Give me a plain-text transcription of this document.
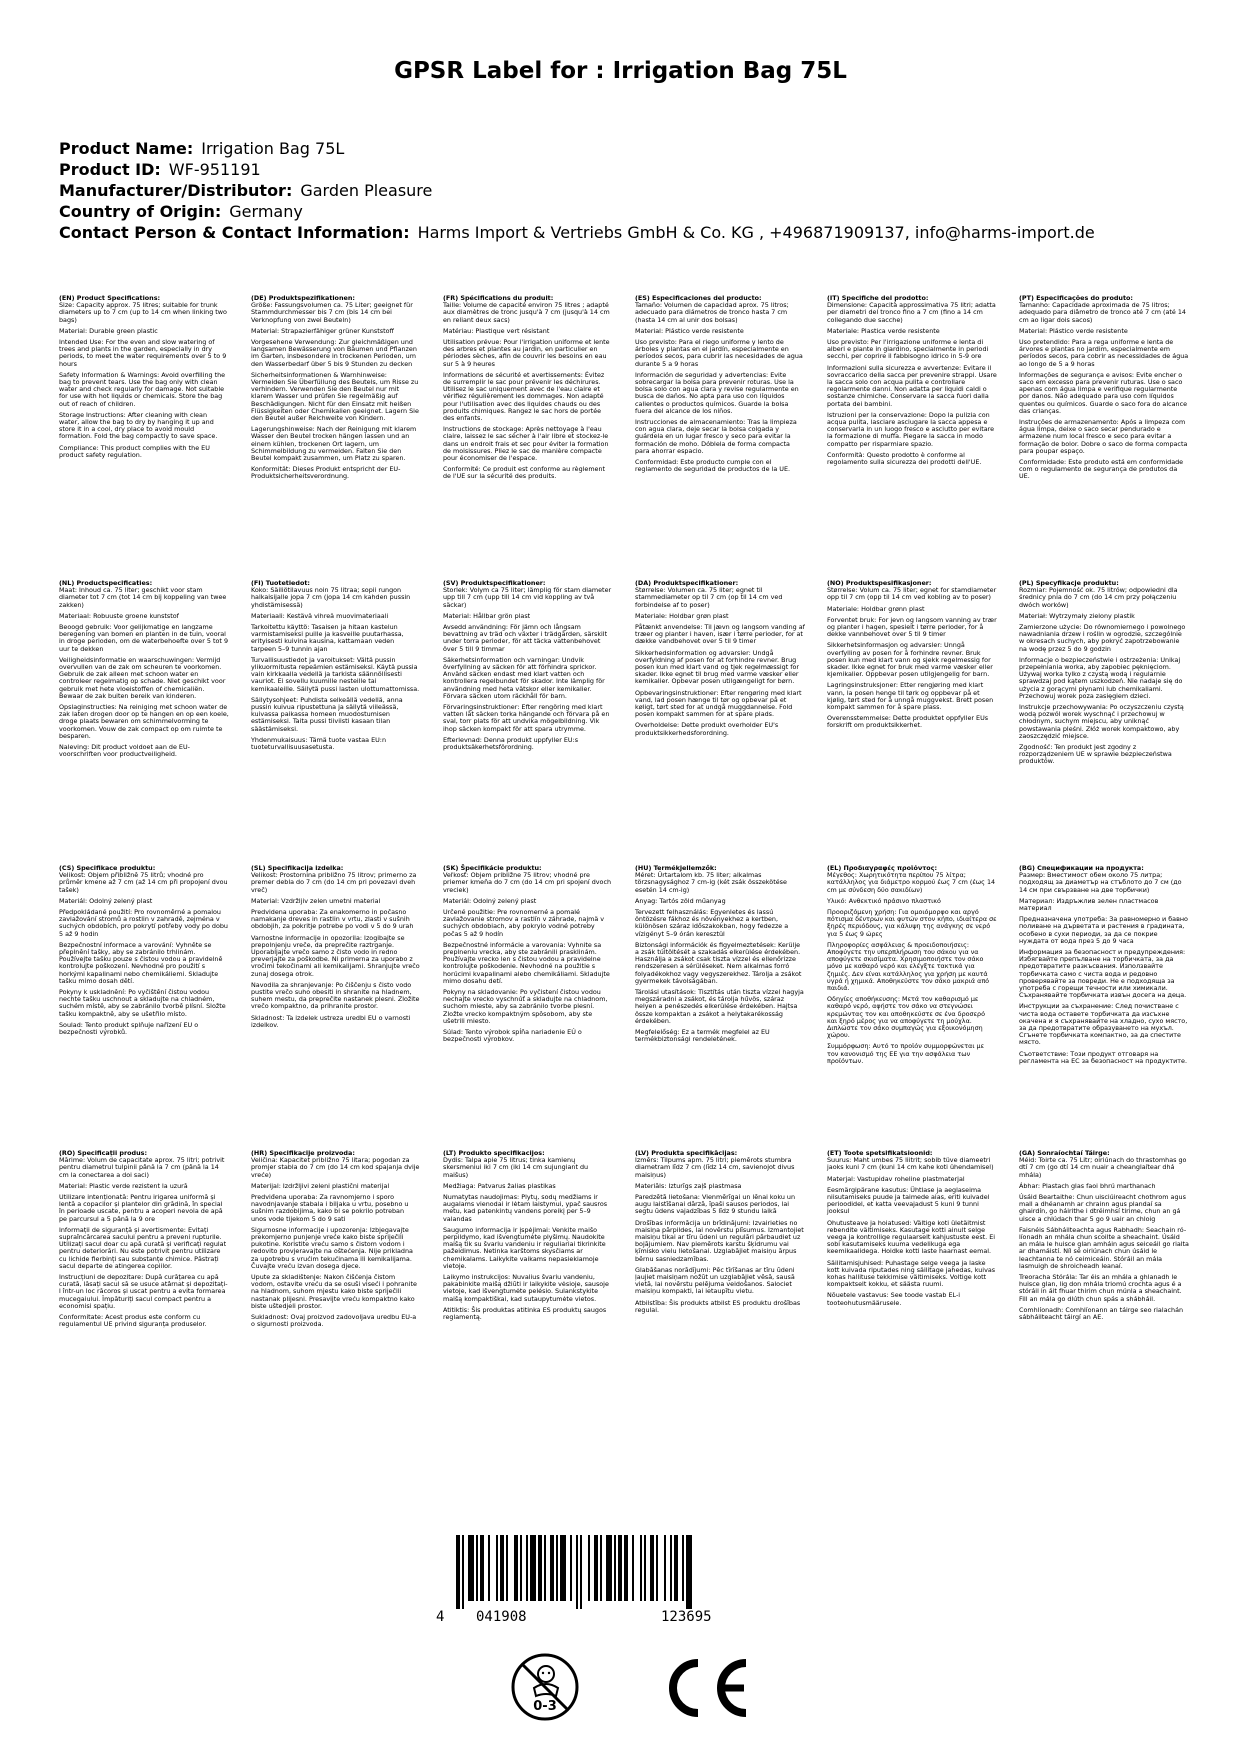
GPSR Label for : Irrigation Bag 75L
Product Name: Irrigation Bag 75L
Product ID: WF-951191
Manufacturer/Distributor: Garden Pleasure
Country of Origin: Germany
Contact Person & Contact Information: Harms Import & Vertriebs GmbH & Co. KG , +496871909137, info@harms-import.de

(EN) Product Specifications:
Size: Capacity approx. 75 litres; suitable for trunk diameters up to 7 cm (up to 14 cm when linking two bags)

Material: Durable green plastic

Intended Use: For the even and slow watering of trees and plants in the garden, especially in dry periods, to meet the water requirements over 5 to 9 hours

Safety Information & Warnings: Avoid overfilling the bag to prevent tears. Use the bag only with clean water and check regularly for damage. Not suitable for use with hot liquids or chemicals. Store the bag out of reach of children.

Storage Instructions: After cleaning with clean water, allow the bag to dry by hanging it up and store it in a cool, dry place to avoid mould formation. Fold the bag compactly to save space.

Compliance: This product complies with the EU product safety regulation.

(DE) Produktspezifikationen:
Größe: Fassungsvolumen ca. 75 Liter; geeignet für Stammdurchmesser bis 7 cm (bis 14 cm bei Verknopfung von zwei Beuteln)

Material: Strapazierfähiger grüner Kunststoff

Vorgesehene Verwendung: Zur gleichmäßigen und langsamen Bewässerung von Bäumen und Pflanzen im Garten, insbesondere in trockenen Perioden, um den Wasserbedarf über 5 bis 9 Stunden zu decken

Sicherheitsinformationen & Warnhinweise: Vermeiden Sie Überfüllung des Beutels, um Risse zu verhindern. Verwenden Sie den Beutel nur mit klarem Wasser und prüfen Sie regelmäßig auf Beschädigungen. Nicht für den Einsatz mit heißen Flüssigkeiten oder Chemikalien geeignet. Lagern Sie den Beutel außer Reichweite von Kindern.

Lagerungshinweise: Nach der Reinigung mit klarem Wasser den Beutel trocken hängen lassen und an einem kühlen, trockenen Ort lagern, um Schimmelbildung zu vermeiden. Falten Sie den Beutel kompakt zusammen, um Platz zu sparen.

Konformität: Dieses Produkt entspricht der EU-Produktsicherheitsverordnung.

(FR) Spécifications du produit:
Taille: Volume de capacité environ 75 litres ; adapté aux diamètres de tronc jusqu'à 7 cm (jusqu'à 14 cm en reliant deux sacs)

Matériau: Plastique vert résistant

Utilisation prévue: Pour l'irrigation uniforme et lente des arbres et plantes au jardin, en particulier en périodes sèches, afin de couvrir les besoins en eau sur 5 à 9 heures

Informations de sécurité et avertissements: Évitez de surremplir le sac pour prévenir les déchirures. Utilisez le sac uniquement avec de l'eau claire et vérifiez régulièrement les dommages. Non adapté pour l'utilisation avec des liquides chauds ou des produits chimiques. Rangez le sac hors de portée des enfants.

Instructions de stockage: Après nettoyage à l'eau claire, laissez le sac sécher à l'air libre et stockez-le dans un endroit frais et sec pour éviter la formation de moisissures. Pliez le sac de manière compacte pour économiser de l'espace.

Conformité: Ce produit est conforme au règlement de l'UE sur la sécurité des produits.

(ES) Especificaciones del producto:
Tamaño: Volumen de capacidad aprox. 75 litros; adecuado para diámetros de tronco hasta 7 cm (hasta 14 cm al unir dos bolsas)

Material: Plástico verde resistente

Uso previsto: Para el riego uniforme y lento de árboles y plantas en el jardín, especialmente en períodos secos, para cubrir las necesidades de agua durante 5 a 9 horas

Información de seguridad y advertencias: Evite sobrecargar la bolsa para prevenir roturas. Use la bolsa solo con agua clara y revise regularmente en busca de daños. No apta para uso con líquidos calientes o productos químicos. Guarde la bolsa fuera del alcance de los niños.

Instrucciones de almacenamiento: Tras la limpieza con agua clara, deje secar la bolsa colgada y guárdela en un lugar fresco y seco para evitar la formación de moho. Dóblela de forma compacta para ahorrar espacio.

Conformidad: Este producto cumple con el reglamento de seguridad de productos de la UE.

(IT) Specifiche del prodotto:
Dimensione: Capacità approssimativa 75 litri; adatta per diametri del tronco fino a 7 cm (fino a 14 cm collegando due sacche)

Materiale: Plastica verde resistente

Uso previsto: Per l'irrigazione uniforme e lenta di alberi e piante in giardino, specialmente in periodi secchi, per coprire il fabbisogno idrico in 5-9 ore

Informazioni sulla sicurezza e avvertenze: Evitare il sovraccarico della sacca per prevenire strappi. Usare la sacca solo con acqua pulita e controllare regolarmente danni. Non adatta per liquidi caldi o sostanze chimiche. Conservare la sacca fuori dalla portata dei bambini.

Istruzioni per la conservazione: Dopo la pulizia con acqua pulita, lasciare asciugare la sacca appesa e conservarla in un luogo fresco e asciutto per evitare la formazione di muffa. Piegare la sacca in modo compatto per risparmiare spazio.

Conformità: Questo prodotto è conforme al regolamento sulla sicurezza dei prodotti dell'UE.

(PT) Especificações do produto:
Tamanho: Capacidade aproximada de 75 litros; adequado para diâmetro de tronco até 7 cm (até 14 cm ao ligar dois sacos)

Material: Plástico verde resistente

Uso pretendido: Para a rega uniforme e lenta de árvores e plantas no jardim, especialmente em períodos secos, para cobrir as necessidades de água ao longo de 5 a 9 horas

Informações de segurança e avisos: Evite encher o saco em excesso para prevenir ruturas. Use o saco apenas com água limpa e verifique regularmente por danos. Não adequado para uso com líquidos quentes ou químicos. Guarde o saco fora do alcance das crianças.

Instruções de armazenamento: Após a limpeza com água limpa, deixe o saco secar pendurado e armazene num local fresco e seco para evitar a formação de bolor. Dobre o saco de forma compacta para poupar espaço.

Conformidade: Este produto está em conformidade com o regulamento de segurança de produtos da UE.

(NL) Productspecificaties:
Maat: Inhoud ca. 75 liter; geschikt voor stam diameter tot 7 cm (tot 14 cm bij koppeling van twee zakken)

Materiaal: Robuuste groene kunststof

Beoogd gebruik: Voor gelijkmatige en langzame beregening van bomen en planten in de tuin, vooral in droge perioden, om de waterbehoefte over 5 tot 9 uur te dekken

Veiligheidsinformatie en waarschuwingen: Vermijd overvullen van de zak om scheuren te voorkomen. Gebruik de zak alleen met schoon water en controleer regelmatig op schade. Niet geschikt voor gebruik met hete vloeistoffen of chemicaliën. Bewaar de zak buiten bereik van kinderen.

Opslaginstructies: Na reiniging met schoon water de zak laten drogen door op te hangen en op een koele, droge plaats bewaren om schimmelvorming te voorkomen. Vouw de zak compact op om ruimte te besparen.

Naleving: Dit product voldoet aan de EU-voorschriften voor productveiligheid.

(FI) Tuotetiedot:
Koko: Säiliötilavuus noin 75 litraa; sopii rungon halkaisijalle jopa 7 cm (jopa 14 cm kahden pussin yhdistämisessä)

Materiaali: Kestävä vihreä muovimateriaali

Tarkoitettu käyttö: Tasaisen ja hitaan kastelun varmistamiseksi puille ja kasveille puutarhassa, erityisesti kuivina kausina, kattamaan veden tarpeen 5–9 tunnin ajan

Turvallisuustiedot ja varoitukset: Vältä pussin ylikuormitusta repeämien estämiseksi. Käytä pussia vain kirkkaalla vedellä ja tarkista säännöllisesti vauriot. Ei sovellu kuumille nesteille tai kemikaaleille. Säilytä pussi lasten ulottumattomissa.

Säilytysohjeet: Puhdista selkeällä vedellä, anna pussin kuivua ripustettuna ja säilytä viileässä, kuivassa paikassa homeen muodostumisen estämiseksi. Taita pussi tiiviisti kasaan tilan säästämiseksi.

Yhdenmukaisuus: Tämä tuote vastaa EU:n tuoteturvallisuusasetusta.

(SV) Produktspecifikationer:
Storlek: Volym ca 75 liter; lämplig för stam diameter upp till 7 cm (upp till 14 cm vid koppling av två säckar)

Material: Hållbar grön plast

Avsedd användning: För jämn och långsam bevattning av träd och växter i trädgården, särskilt under torra perioder, för att täcka vattenbehovet över 5 till 9 timmar

Säkerhetsinformation och varningar: Undvik överfyllning av säcken för att förhindra sprickor. Använd säcken endast med klart vatten och kontrollera regelbundet för skador. Inte lämplig för användning med heta vätskor eller kemikalier. Förvara säcken utom räckhåll för barn.

Förvaringsinstruktioner: Efter rengöring med klart vatten låt säcken torka hängande och förvara på en sval, torr plats för att undvika mögelbildning. Vik ihop säcken kompakt för att spara utrymme.

Efterlevnad: Denna produkt uppfyller EU:s produktsäkerhetsförordning.

(DA) Produktspecifikationer:
Størrelse: Volumen ca. 75 liter; egnet til stammediameter op til 7 cm (op til 14 cm ved forbindelse af to poser)

Materiale: Holdbar grøn plast

Påtænkt anvendelse: Til jævn og langsom vanding af træer og planter i haven, især i tørre perioder, for at dække vandbehovet over 5 til 9 timer

Sikkerhedsinformation og advarsler: Undgå overfyldning af posen for at forhindre revner. Brug posen kun med klart vand og tjek regelmæssigt for skader. Ikke egnet til brug med varme væsker eller kemikalier. Opbevar posen utilgængeligt for børn.

Opbevaringsinstruktioner: Efter rengøring med klart vand, lad posen hænge til tør og opbevar på et køligt, tørt sted for at undgå muggdannelse. Fold posen kompakt sammen for at spare plads.

Overholdelse: Dette produkt overholder EU's produktsikkerhedsforordning.

(NO) Produktspesifikasjoner:
Størrelse: Volum ca. 75 liter; egnet for stamdiameter opp til 7 cm (opp til 14 cm ved kobling av to poser)

Materiale: Holdbar grønn plast

Forventet bruk: For jevn og langsom vanning av trær og planter i hagen, spesielt i tørre perioder, for å dekke vannbehovet over 5 til 9 timer

Sikkerhetsinformasjon og advarsler: Unngå overfylling av posen for å forhindre revner. Bruk posen kun med klart vann og sjekk regelmessig for skader. Ikke egnet for bruk med varme væsker eller kjemikalier. Oppbevar posen utilgjengelig for barn.

Lagringsinstruksjoner: Etter rengjøring med klart vann, la posen henge til tørk og oppbevar på et kjølig, tørt sted for å unngå muggvekst. Brett posen kompakt sammen for å spare plass.

Overensstemmelse: Dette produktet oppfyller EUs forskrift om produktsikkerhet.

(PL) Specyfikacje produktu:
Rozmiar: Pojemność ok. 75 litrów; odpowiedni dla średnicy pnia do 7 cm (do 14 cm przy połączeniu dwóch worków)

Materiał: Wytrzymały zielony plastik

Zamierzone użycie: Do równomiernego i powolnego nawadniania drzew i roślin w ogrodzie, szczególnie w okresach suchych, aby pokryć zapotrzebowanie na wodę przez 5 do 9 godzin

Informacje o bezpieczeństwie i ostrzeżenia: Unikaj przepełniania worka, aby zapobiec pęknięciom. Używaj worka tylko z czystą wodą i regularnie sprawdzaj pod kątem uszkodzeń. Nie nadaje się do użycia z gorącymi płynami lub chemikaliami. Przechowuj worek poza zasięgiem dzieci.

Instrukcje przechowywania: Po oczyszczeniu czystą wodą pozwól worek wyschnąć i przechowuj w chłodnym, suchym miejscu, aby uniknąć powstawania pleśni. Złóż worek kompaktowo, aby zaoszczędzić miejsce.

Zgodność: Ten produkt jest zgodny z rozporządzeniem UE w sprawie bezpieczeństwa produktów.

(CS) Specifikace produktu:
Velikost: Objem přibližně 75 litrů; vhodné pro průměr kmene až 7 cm (až 14 cm při propojení dvou tašek)

Materiál: Odolný zelený plast

Předpokládané použití: Pro rovnoměrné a pomalou zavlažování stromů a rostlin v zahradě, zejména v suchých obdobích, pro pokrytí potřeby vody po dobu 5 až 9 hodin

Bezpečnostní informace a varování: Vyhněte se přeplnění tašky, aby se zabránilo trhlinám. Používejte tašku pouze s čistou vodou a pravidelně kontrolujte poškození. Nevhodné pro použití s horkými kapalinami nebo chemikáliemi. Skladujte tašku mimo dosah dětí.

Pokyny k uskladnění: Po vyčištění čistou vodou nechte tašku uschnout a skladujte na chladném, suchém místě, aby se zabránilo tvorbě plísní. Složte tašku kompaktně, aby se ušetřilo místo.

Soulad: Tento produkt splňuje nařízení EU o bezpečnosti výrobků.

(SL) Specifikacija izdelka:
Velikost: Prostornina približno 75 litrov; primerno za premer debla do 7 cm (do 14 cm pri povezavi dveh vreč)

Material: Vzdržljiv zelen umetni material

Predvidena uporaba: Za enakomerno in počasno namakanje dreves in rastlin v vrtu, zlasti v sušnih obdobjih, za pokritje potrebe po vodi v 5 do 9 urah

Varnostne informacije in opozorila: Izogibajte se prepolnjenju vreče, da preprečite raztrganje. Uporabljajte vrečo samo z čisto vodo in redno preverjajte za poškodbe. Ni primerna za uporabo z vročimi tekočinami ali kemikalijami. Shranjujte vrečo zunaj dosega otrok.

Navodila za shranjevanje: Po čiščenju s čisto vodo pustite vrečo suho obesiti in shranite na hladnem, suhem mestu, da preprečite nastanek plesni. Zložite vrečo kompaktno, da prihranite prostor.

Skladnost: Ta izdelek ustreza uredbi EU o varnosti izdelkov.

(SK) Špecifikácie produktu:
Veľkosť: Objem približne 75 litrov; vhodné pre priemer kmeňa do 7 cm (do 14 cm pri spojení dvoch vreciek)

Materiál: Odolný zelený plast

Určené použitie: Pre rovnomerné a pomalé zavlažovanie stromov a rastlín v záhrade, najmä v suchých obdobiach, aby pokrylo vodné potreby počas 5 až 9 hodín

Bezpečnostné informácie a varovania: Vyhnite sa preplneniu vrecka, aby ste zabránili prasklinám. Používajte vrecko len s čistou vodou a pravidelne kontrolujte poškodenie. Nevhodné na použitie s horúcimi kvapalinami alebo chemikáliami. Skladujte mimo dosahu detí.

Pokyny na skladovanie: Po vyčistení čistou vodou nechajte vrecko vyschnúť a skladujte na chladnom, suchom mieste, aby sa zabránilo tvorbe plesní. Zložte vrecko kompaktným spôsobom, aby ste ušetrili miesto.

Súlad: Tento výrobok spĺňa nariadenie EÚ o bezpečnosti výrobkov.

(HU) Termékjellemzők:
Méret: Űrtartalom kb. 75 liter; alkalmas törzsnagysághoz 7 cm-ig (két zsák összekötése esetén 14 cm-ig)

Anyag: Tartós zöld műanyag

Tervezett felhasználás: Egyenletes és lassú öntözésre fákhoz és növényekhez a kertben, különösen száraz időszakokban, hogy fedezze a vízigényt 5–9 órán keresztül

Biztonsági információk és figyelmeztetések: Kerülje a zsák túltöltését a szakadás elkerülése érdekében. Használja a zsákot csak tiszta vízzel és ellenőrizze rendszeresen a sérüléseket. Nem alkalmas forró folyadékokhoz vagy vegyszerekhez. Tárolja a zsákot gyermekek távolságában.

Tárolási utasítások: Tisztítás után tiszta vízzel hagyja megszáradni a zsákot, és tárolja hűvös, száraz helyen a penészedés elkerülése érdekében. Hajtsa össze kompaktan a zsákot a helytakarékosság érdekében.

Megfelelőség: Ez a termék megfelel az EU termékbiztonsági rendeletének.

(EL) Προδιαγραφές προϊόντος:
Μέγεθος: Χωρητικότητα περίπου 75 λίτρα; κατάλληλος για διάμετρο κορμού έως 7 cm (έως 14 cm με σύνδεση δύο σακιδίων)

Υλικό: Ανθεκτικό πράσινο πλαστικό

Προοριζόμενη χρήση: Για ομοιόμορφο και αργό πότισμα δέντρων και φυτών στον κήπο, ιδιαίτερα σε ξηρές περιόδους, για κάλυψη της ανάγκης σε νερό για 5 έως 9 ώρες

Πληροφορίες ασφάλειας & προειδοποιήσεις: Αποφύγετε την υπερπλήρωση του σάκου για να αποφύγετε σκισίματα. Χρησιμοποιήστε τον σάκο μόνο με καθαρό νερό και ελέγξτε τακτικά για ζημιές. Δεν είναι κατάλληλος για χρήση με καυτά υγρά ή χημικά. Αποθηκεύστε τον σάκο μακριά από παιδιά.

Οδηγίες αποθήκευσης: Μετά τον καθαρισμό με καθαρό νερό, αφήστε τον σάκο να στεγνώσει κρεμώντας τον και αποθηκεύστε σε ένα δροσερό και ξηρό μέρος για να αποφύγετε τη μούχλα. Διπλώστε τον σάκο συμπαγώς για εξοικονόμηση χώρου.

Συμμόρφωση: Αυτό το προϊόν συμμορφώνεται με τον κανονισμό της ΕΕ για την ασφάλεια των προϊόντων.

(BG) Спецификации на продукта:
Размер: Вместимост обем около 75 литра; подходящ за диаметър на стъблото до 7 см (до 14 см при свързване на две торбички)

Материал: Издръжлив зелен пластмасов материал

Предназначена употреба: За равномерно и бавно поливане на дърветата и растения в градината, особено в сухи периоди, за да се покрие нуждата от вода през 5 до 9 часа

Информация за безопасност и предупреждения: Избягвайте препълване на торбичката, за да предотвратите разкъсвания. Използвайте торбичката само с чиста вода и редовно проверявайте за повреди. Не е подходяща за употреба с горещи течности или химикали. Съхранявайте торбичката извън досега на деца.

Инструкции за съхранение: След почистване с чиста вода оставете торбичката да изсъхне окачена и я съхранявайте на хладно, сухо място, за да предотвратите образуването на мухъл. Сгънете торбичката компактно, за да спестите място.

Съответствие: Този продукт отговаря на регламента на ЕС за безопасност на продуктите.

(RO) Specificații produs:
Mărime: Volum de capacitate aprox. 75 litri; potrivit pentru diametrul tulpinii până la 7 cm (până la 14 cm la conectarea a doi saci)

Material: Plastic verde rezistent la uzură

Utilizare intenționată: Pentru irigarea uniformă și lentă a copacilor și plantelor din grădină, în special în perioade uscate, pentru a acoperi nevoia de apă pe parcursul a 5 până la 9 ore

Informații de siguranță și avertismente: Evitați supraîncărcarea sacului pentru a preveni rupturile. Utilizați sacul doar cu apă curată și verificați regulat pentru deteriorări. Nu este potrivit pentru utilizare cu lichide fierbinți sau substanțe chimice. Păstrați sacul departe de atingerea copiilor.

Instrucțiuni de depozitare: După curățarea cu apă curată, lăsați sacul să se usuce atârnat și depozitați-l într-un loc răcoros și uscat pentru a evita formarea mucegaiului. Împăturiți sacul compact pentru a economisi spațiu.

Conformitate: Acest produs este conform cu regulamentul UE privind siguranța produselor.

(HR) Specifikacije proizvoda:
Veličina: Kapacitet približno 75 litara; pogodan za promjer stabla do 7 cm (do 14 cm kod spajanja dvije vreće)

Materijal: Izdržljivi zeleni plastični materijal

Predviđena uporaba: Za ravnomjerno i sporo navodnjavanje stabala i biljaka u vrtu, posebno u sušnim razdobljima, kako bi se pokrilo potreban unos vode tijekom 5 do 9 sati

Sigurnosne informacije i upozorenja: Izbjegavajte prekomjerno punjenje vreće kako biste spriječili pukotine. Koristite vreću samo s čistom vodom i redovito provjeravajte na oštećenja. Nije prikladna za upotrebu s vrućim tekućinama ili kemikalijama. Čuvajte vreću izvan dosega djece.

Upute za skladištenje: Nakon čišćenja čistom vodom, ostavite vreću da se osuši viseći i pohranite na hladnom, suhom mjestu kako biste spriječili nastanak plijesni. Presavijte vreću kompaktno kako biste uštedjeli prostor.

Sukladnost: Ovaj proizvod zadovoljava uredbu EU-a o sigurnosti proizvoda.

(LT) Produkto specifikacijos:
Dydis: Talpa apie 75 litrus; tinka kamienų skersmeniui iki 7 cm (iki 14 cm sujungiant du maišus)

Medžiaga: Patvarus žalias plastikas

Numatytas naudojimas: Plytų, sodų medžiams ir augalams vienodai ir lėtam laistymui, ypač sausros metu, kad patenkintų vandens poreikį per 5–9 valandas

Saugumo informacija ir įspėjimai: Venkite maišo perpildymo, kad išvengtumėte plyšimų. Naudokite maišą tik su švariu vandeniu ir reguliariai tikrinkite pažeidimus. Netinka karštoms skysčiams ar chemikalams. Laikykite vaikams nepasiekiamoje vietoje.

Laikymo instrukcijos: Nuvalius švariu vandeniu, pakabinkite maišą džiūti ir laikykite vėsioje, sausoje vietoje, kad išvengtumėte pelėsio. Sulankstykite maišą kompaktiškai, kad sutaupytumėte vietos.

Atitiktis: Šis produktas atitinka ES produktų saugos reglamentą.

(LV) Produkta specifikācijas:
Izmērs: Tilpums apm. 75 litri; piemērots stumbra diametram līdz 7 cm (līdz 14 cm, savienojot divus maisiņus)

Materiāls: Izturīgs zaļš plastmasa

Paredzētā lietošana: Vienmērīgai un lēnai koku un augu laistīšanai dārzā, īpaši sausos periodos, lai segtu ūdens vajadzības 5 līdz 9 stundu laikā

Drošības informācija un brīdinājumi: Izvairieties no maisiņa pārpildes, lai novērstu plīsumus. Izmantojiet maisiņu tikai ar tīru ūdeni un regulāri pārbaudiet uz bojājumiem. Nav piemērots karstu šķidrumu vai ķīmisko vielu lietošanai. Uzglabājiet maisiņu ārpus bērnu sasniedzamības.

Glabāšanas norādījumi: Pēc tīrīšanas ar tīru ūdeni ļaujiet maisiņam nožūt un uzglabājiet vēsā, sausā vietā, lai novērstu pelējuma veidošanos. Salociet maisiņu kompakti, lai ietaupītu vietu.

Atbilstība: Šis produkts atbilst ES produktu drošības regulai.

(ET) Toote spetsifikatsioonid:
Suurus: Maht umbes 75 liitrit; sobib tüve diameetri jaoks kuni 7 cm (kuni 14 cm kahe koti ühendamisel)

Materjal: Vastupidav roheline plastmaterjal

Eesmärgipärane kasutus: Ühtlase ja aeglaseima niisutamiseks puude ja taimede aias, eriti kuivadel perioodidel, et katta veevajadust 5 kuni 9 tunni jooksul

Ohutusteave ja hoiatused: Vältige koti ületäitmist rebendite vältimiseks. Kasutage kotti ainult selge veega ja kontrollige regulaarselt kahjustuste eest. Ei sobi kasutamiseks kuuma vedelikuga ega keemikaalidega. Hoidke kotti laste haarnast eemal.

Säilitamisjuhised: Puhastage selge veega ja laske kott kuivada riputades ning säilitage jahedas, kuivas kohas hallituse tekkimise vältimiseks. Voltige kott kompaktselt kokku, et säästa ruumi.

Nõuetele vastavus: See toode vastab EL-i tooteohutusmäärusele.

(GA) Sonraíochtaí Táirge:
Méid: Toirte ca. 75 Litr; oiriúnach do thrastomhas go dtí 7 cm (go dtí 14 cm nuair a cheanglaítear dhá mhála)

Ábhar: Plastach glas faoi bhrú marthanach

Úsáid Beartaithe: Chun uisciúireacht chothrom agus mall a dhéanamh ar chrainn agus plandaí sa ghairdín, go háirithe i dtréimhsí tirime, chun an gá uisce a chlúdach thar 5 go 9 uair an chloig

Faisnéis Sábháilteachta agus Rabhadh: Seachain ró-líonadh an mhála chun scoilte a sheachaint. Úsáid an mála le huisce glan amháin agus seiceáil go rialta ar dhamáistí. Níl sé oiriúnach chun úsáid le leachtanna te nó ceimiceáin. Stóráil an mála lasmuigh de shroicheadh leanaí.

Treoracha Stórála: Tar éis an mhála a ghlanadh le huisce glan, lig don mhála triomú crochta agus é a stóráil in áit fhuar thirim chun múnla a sheachaint. Fill an mála go dlúth chun spás a shábháil.

Comhlíonadh: Comhlíonann an táirge seo rialachán sábháilteacht táirgí an AE.

4 041908	123695
0-3
